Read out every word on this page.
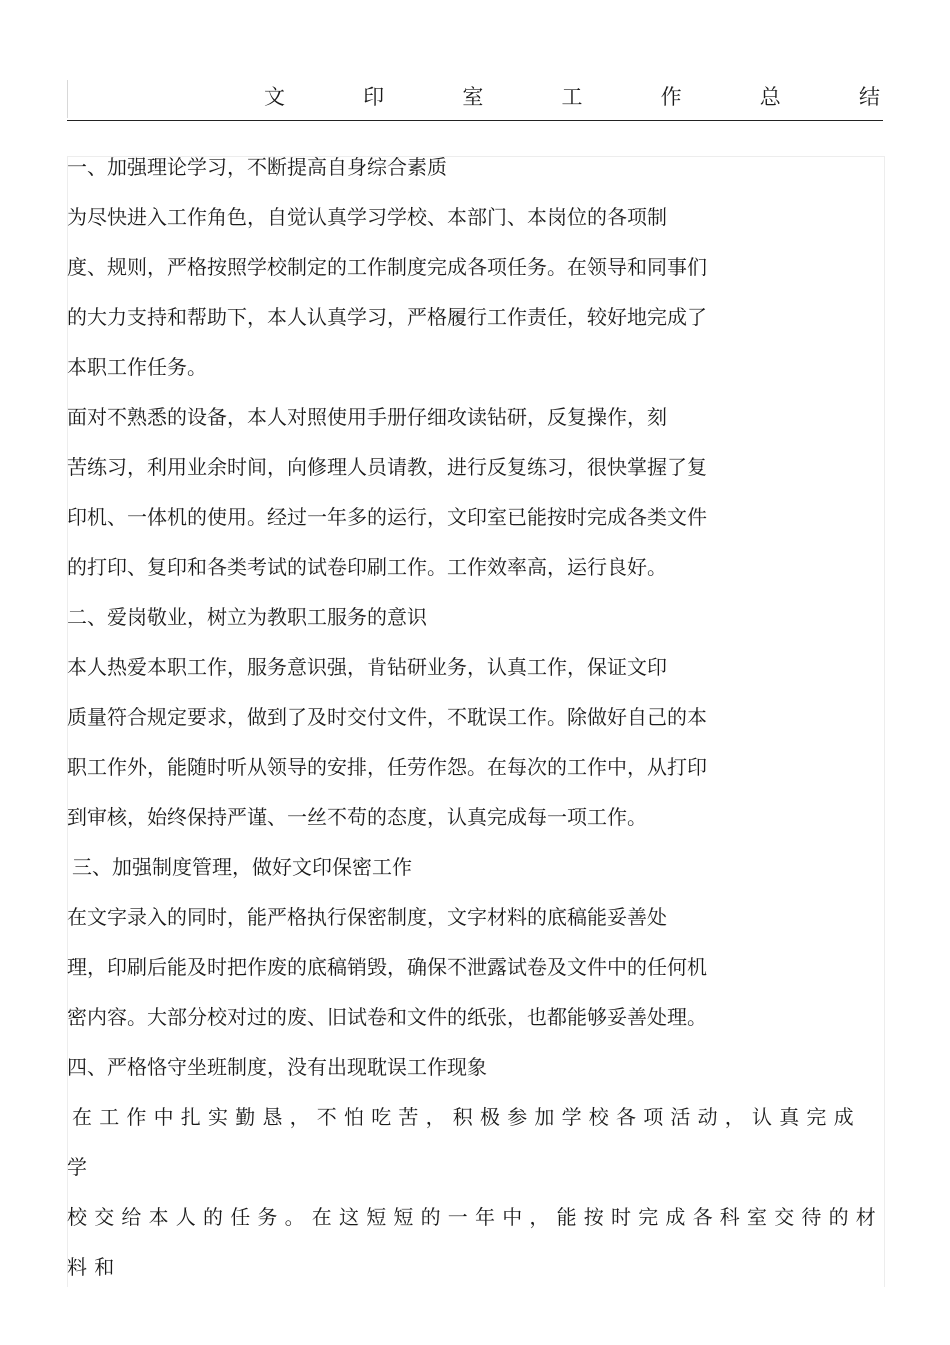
文	印	室	工	作	总	结
一、加强理论学习，不断提高自身综合素质
为尽快进入工作角色，自觉认真学习学校、本部门、本岗位的各项制
度、规则，严格按照学校制定的工作制度完成各项任务。在领导和同事们
的大力支持和帮助下，本人认真学习，严格履行工作责任，较好地完成了
本职工作任务。
面对不熟悉的设备，本人对照使用手册仔细攻读钻研，反复操作，刻
苦练习，利用业余时间，向修理人员请教，进行反复练习，很快掌握了复
印机、一体机的使用。经过一年多的运行，文印室已能按时完成各类文件
的打印、复印和各类考试的试卷印刷工作。工作效率高，运行良好。
二、爱岗敬业，树立为教职工服务的意识
本人热爱本职工作，服务意识强，肯钻研业务，认真工作，保证文印
质量符合规定要求，做到了及时交付文件，不耽误工作。除做好自己的本
职工作外，能随时听从领导的安排，任劳作怨。在每次的工作中，从打印
到审核，始终保持严谨、一丝不苟的态度，认真完成每一项工作。
三、加强制度管理，做好文印保密工作
在文字录入的同时，能严格执行保密制度，文字材料的底稿能妥善处
理，印刷后能及时把作废的底稿销毁，确保不泄露试卷及文件中的任何机
密内容。大部分校对过的废、旧试卷和文件的纸张，也都能够妥善处理。
四、严格恪守坐班制度，没有出现耽误工作现象
在工作中扎实勤恳，不怕吃苦，积极参加学校各项活动，认真完成
学
校交给本人的任务。在这短短的一年中，能按时完成各科室交待的材
料和
